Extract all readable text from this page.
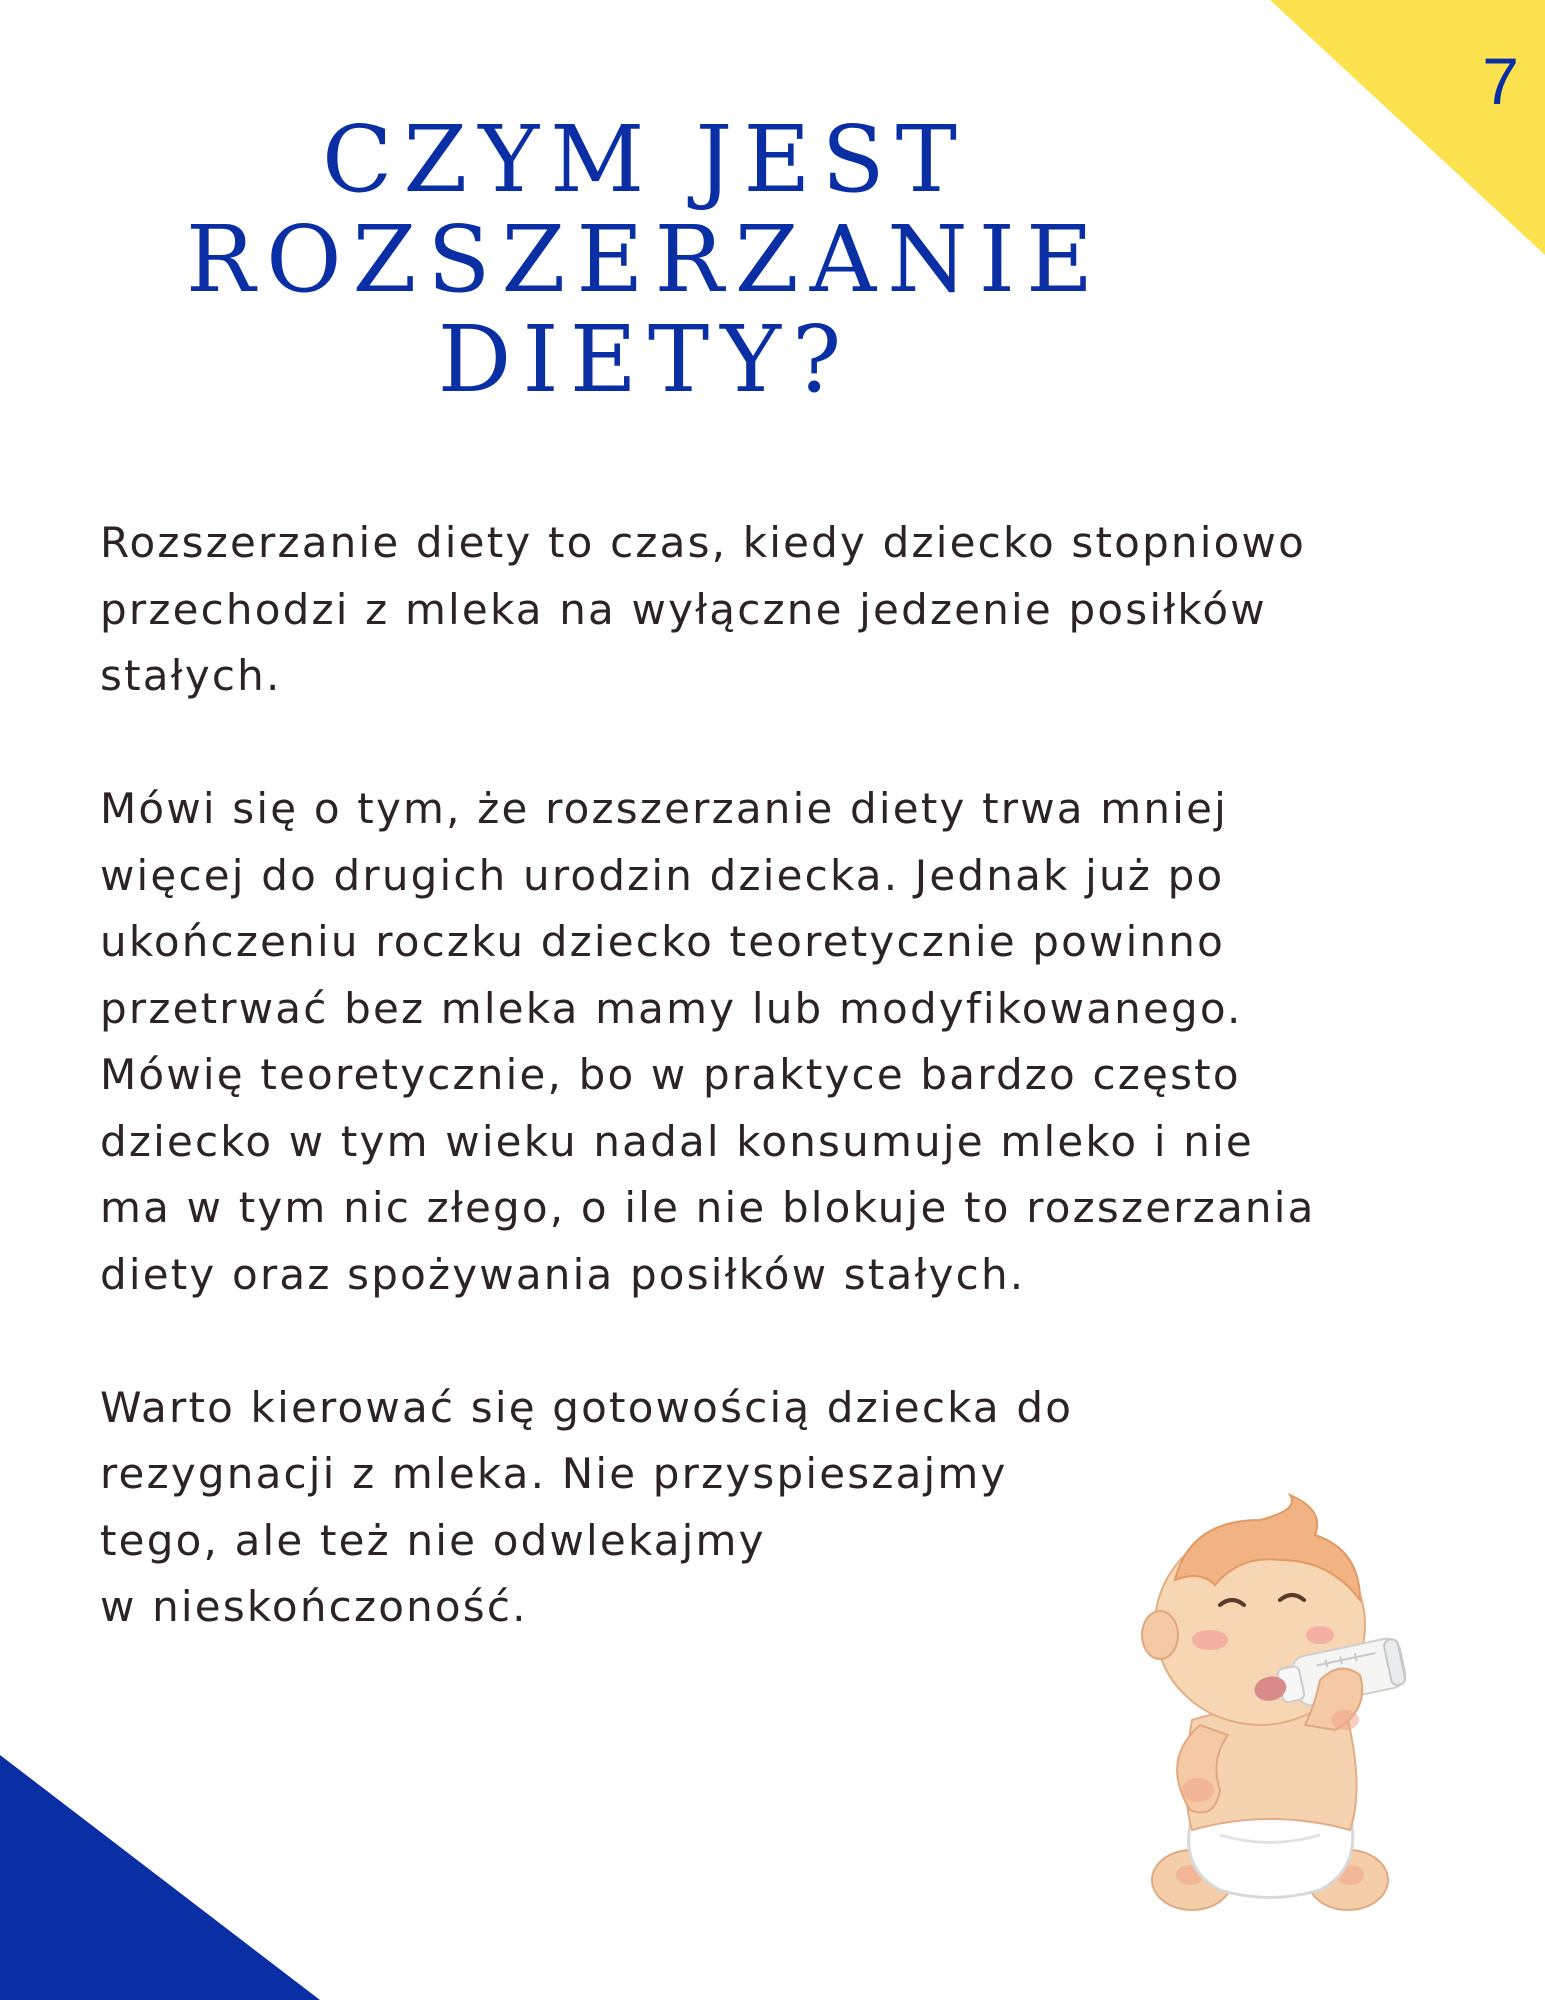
7
CZYM JEST
ROZSZERZANIE
DIETY?

Rozszerzanie diety to czas, kiedy dziecko stopniowo
przechodzi z mleka na wyłączne jedzenie posiłków
stałych.

Mówi się o tym, że rozszerzanie diety trwa mniej
więcej do drugich urodzin dziecka. Jednak już po
ukończeniu roczku dziecko teoretycznie powinno
przetrwać bez mleka mamy lub modyfikowanego.
Mówię teoretycznie, bo w praktyce bardzo często
dziecko w tym wieku nadal konsumuje mleko i nie
ma w tym nic złego, o ile nie blokuje to rozszerzania
diety oraz spożywania posiłków stałych.

Warto kierować się gotowością dziecka do
rezygnacji z mleka. Nie przyspieszajmy
tego, ale też nie odwlekajmy
w nieskończoność.
